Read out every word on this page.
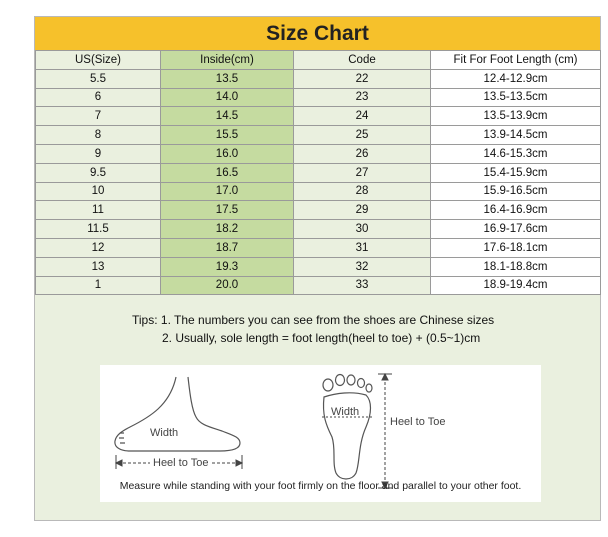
Size Chart
US(Size)	Inside(cm)	Code	Fit For Foot Length (cm)
5.5	13.5	22	12.4-12.9cm
6	14.0	23	13.5-13.5cm
7	14.5	24	13.5-13.9cm
8	15.5	25	13.9-14.5cm
9	16.0	26	14.6-15.3cm
9.5	16.5	27	15.4-15.9cm
10	17.0	28	15.9-16.5cm
11	17.5	29	16.4-16.9cm
11.5	18.2	30	16.9-17.6cm
12	18.7	31	17.6-18.1cm
13	19.3	32	18.1-18.8cm
1	20.0	33	18.9-19.4cm
Tips: 1. The numbers you can see from the shoes are Chinese sizes
2. Usually, sole length = foot length(heel to toe) + (0.5~1)cm
Width
Heel to Toe
Width
Heel to Toe
Measure while standing with your foot firmly on the floor and parallel to your other foot.
